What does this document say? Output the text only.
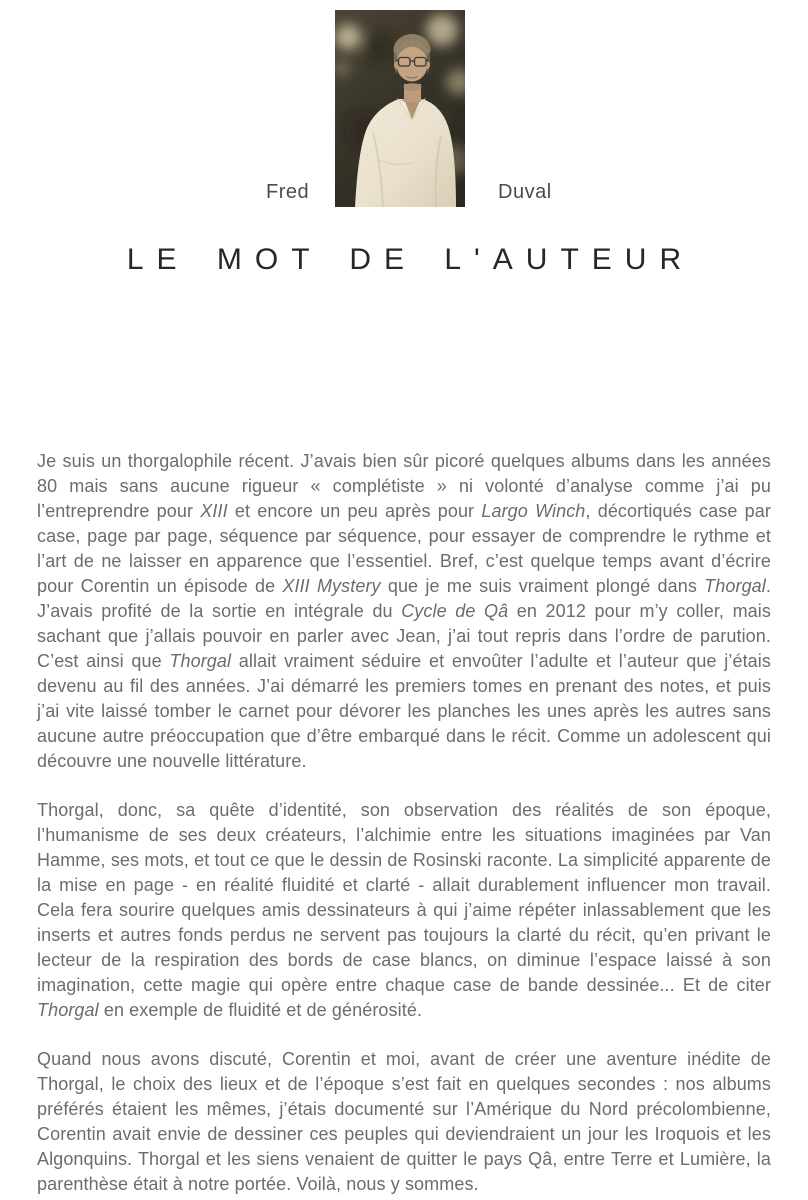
Fred	Duval
LE MOT DE L'AUTEUR

Je suis un thorgalophile récent. J’avais bien sûr picoré quelques albums dans les années 80 mais sans aucune rigueur « complétiste » ni volonté d’analyse comme j’ai pu l’entreprendre pour XIII et encore un peu après pour Largo Winch, décortiqués case par case, page par page, séquence par séquence, pour essayer de comprendre le rythme et l’art de ne laisser en apparence que l’essentiel. Bref, c’est quelque temps avant d’écrire pour Corentin un épisode de XIII Mystery que je me suis vraiment plongé dans Thorgal. J’avais profité de la sortie en intégrale du Cycle de Qâ en 2012 pour m’y coller, mais sachant que j’allais pouvoir en parler avec Jean, j’ai tout repris dans l’ordre de parution. C’est ainsi que Thorgal allait vraiment séduire et envoûter l’adulte et l’auteur que j’étais devenu au fil des années. J’ai démarré les premiers tomes en prenant des notes, et puis j’ai vite laissé tomber le carnet pour dévorer les planches les unes après les autres sans aucune autre préoccupation que d’être embarqué dans le récit. Comme un adolescent qui découvre une nouvelle littérature.

Thorgal, donc, sa quête d’identité, son observation des réalités de son époque, l’humanisme de ses deux créateurs, l’alchimie entre les situations imaginées par Van Hamme, ses mots, et tout ce que le dessin de Rosinski raconte. La simplicité apparente de la mise en page - en réalité fluidité et clarté - allait durablement influencer mon travail. Cela fera sourire quelques amis dessinateurs à qui j’aime répéter inlassablement que les inserts et autres fonds perdus ne servent pas toujours la clarté du récit, qu’en privant le lecteur de la respiration des bords de case blancs, on diminue l’espace laissé à son imagination, cette magie qui opère entre chaque case de bande dessinée... Et de citer Thorgal en exemple de fluidité et de générosité.

Quand nous avons discuté, Corentin et moi, avant de créer une aventure inédite de Thorgal, le choix des lieux et de l’époque s’est fait en quelques secondes : nos albums préférés étaient les mêmes, j’étais documenté sur l’Amérique du Nord précolombienne, Corentin avait envie de dessiner ces peuples qui deviendraient un jour les Iroquois et les Algonquins. Thorgal et les siens venaient de quitter le pays Qâ, entre Terre et Lumière, la parenthèse était à notre portée. Voilà, nous y sommes.
